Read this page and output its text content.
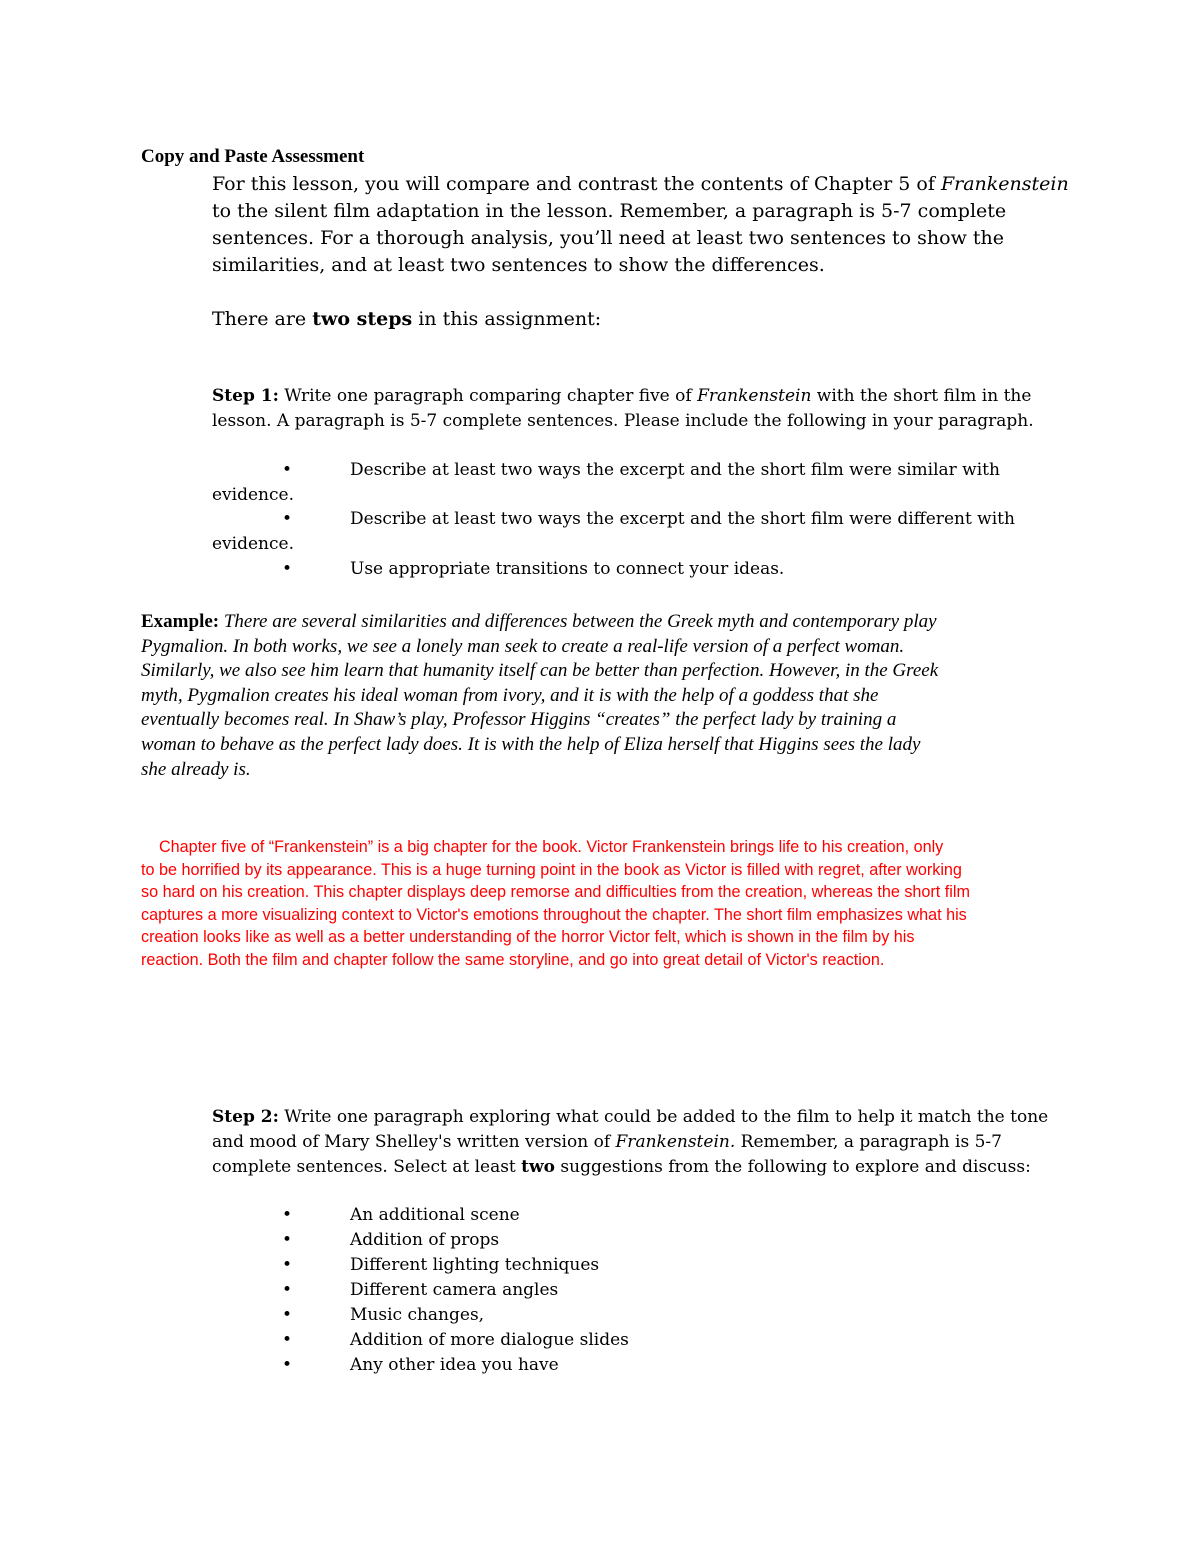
Copy and Paste Assessment
For this lesson, you will compare and contrast the contents of Chapter 5 of Frankenstein
to the silent film adaptation in the lesson. Remember, a paragraph is 5-7 complete
sentences. For a thorough analysis, you’ll need at least two sentences to show the
similarities, and at least two sentences to show the differences.
There are two steps in this assignment:
Step 1: Write one paragraph comparing chapter five of Frankenstein with the short film in the
lesson. A paragraph is 5-7 complete sentences. Please include the following in your paragraph.
•	Describe at least two ways the excerpt and the short film were similar with
evidence.
•	Describe at least two ways the excerpt and the short film were different with
evidence.
•	Use appropriate transitions to connect your ideas.
Example: There are several similarities and differences between the Greek myth and contemporary play
Pygmalion. In both works, we see a lonely man seek to create a real-life version of a perfect woman.
Similarly, we also see him learn that humanity itself can be better than perfection. However, in the Greek
myth, Pygmalion creates his ideal woman from ivory, and it is with the help of a goddess that she
eventually becomes real. In Shaw’s play, Professor Higgins “creates” the perfect lady by training a
woman to behave as the perfect lady does. It is with the help of Eliza herself that Higgins sees the lady
she already is.
Chapter five of “Frankenstein” is a big chapter for the book. Victor Frankenstein brings life to his creation, only
to be horrified by its appearance. This is a huge turning point in the book as Victor is filled with regret, after working
so hard on his creation. This chapter displays deep remorse and difficulties from the creation, whereas the short film
captures a more visualizing context to Victor's emotions throughout the chapter. The short film emphasizes what his
creation looks like as well as a better understanding of the horror Victor felt, which is shown in the film by his
reaction. Both the film and chapter follow the same storyline, and go into great detail of Victor's reaction.
Step 2: Write one paragraph exploring what could be added to the film to help it match the tone
and mood of Mary Shelley's written version of Frankenstein. Remember, a paragraph is 5-7
complete sentences. Select at least two suggestions from the following to explore and discuss:
•	An additional scene
•	Addition of props
•	Different lighting techniques
•	Different camera angles
•	Music changes,
•	Addition of more dialogue slides
•	Any other idea you have
